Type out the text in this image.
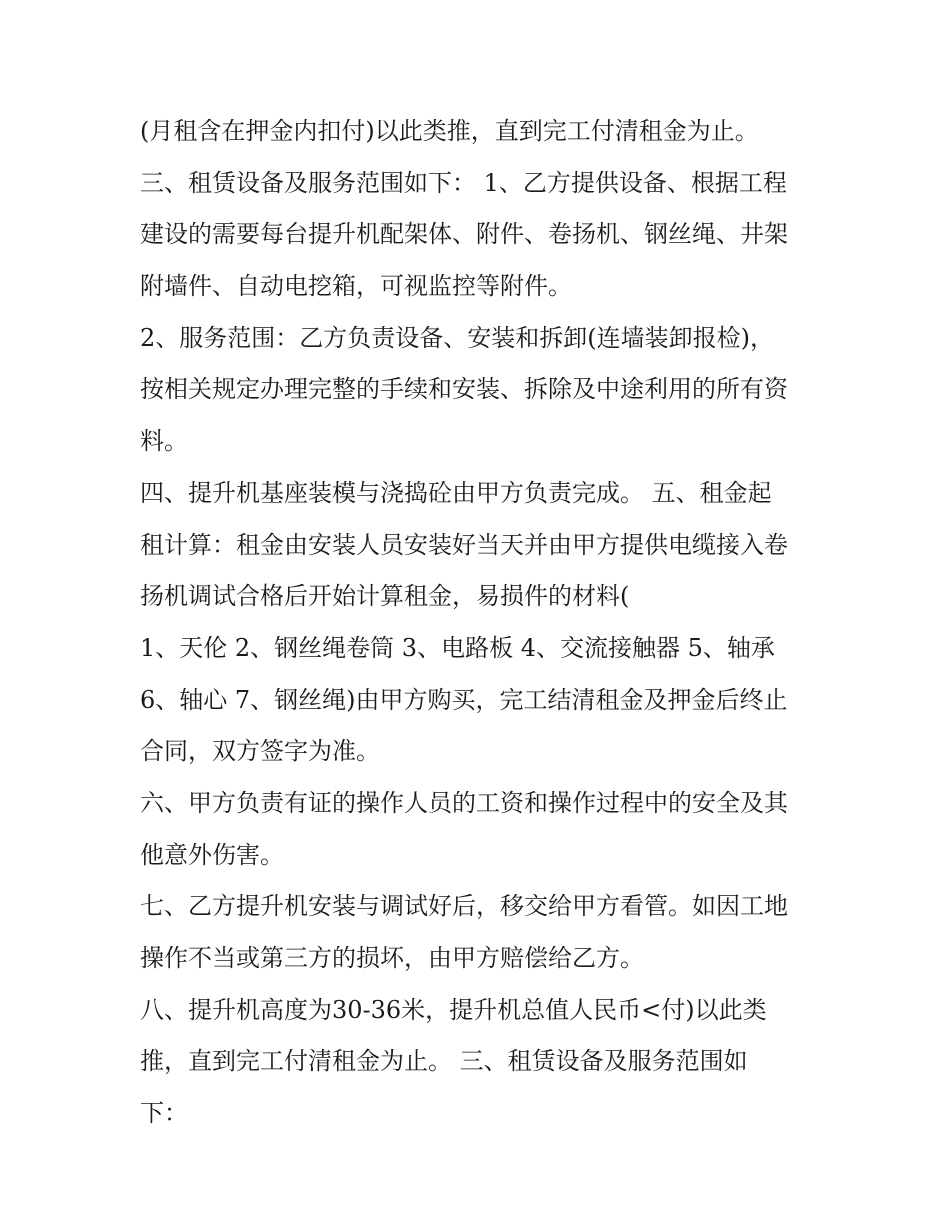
(月租含在押金内扣付)以此类推，直到完工付清租金为止。
三、租赁设备及服务范围如下： 1、乙方提供设备、根据工程
建设的需要每台提升机配架体、附件、卷扬机、钢丝绳、井架
附墙件、自动电挖箱，可视监控等附件。
2、服务范围：乙方负责设备、安装和拆卸(连墙装卸报检)，
按相关规定办理完整的手续和安装、拆除及中途利用的所有资
料。
四、提升机基座装模与浇捣砼由甲方负责完成。 五、租金起
租计算：租金由安装人员安装好当天并由甲方提供电缆接入卷
扬机调试合格后开始计算租金，易损件的材料(
1、天伦 2、钢丝绳卷筒 3、电路板 4、交流接触器 5、轴承
6、轴心 7、钢丝绳)由甲方购买，完工结清租金及押金后终止
合同，双方签字为准。
六、甲方负责有证的操作人员的工资和操作过程中的安全及其
他意外伤害。
七、乙方提升机安装与调试好后，移交给甲方看管。如因工地
操作不当或第三方的损坏，由甲方赔偿给乙方。
八、提升机高度为30-36米，提升机总值人民币<付)以此类
推，直到完工付清租金为止。 三、租赁设备及服务范围如
下：
